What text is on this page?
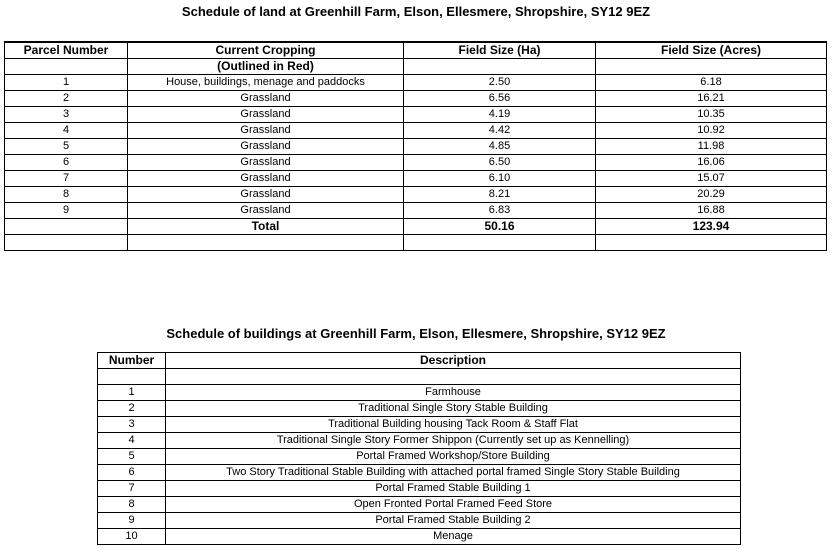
Schedule of land at Greenhill Farm, Elson, Ellesmere, Shropshire, SY12 9EZ
Parcel Number	Current Cropping	Field Size (Ha)	Field Size (Acres)
	(Outlined in Red)		
1	House, buildings, menage and paddocks	2.50	6.18
2	Grassland	6.56	16.21
3	Grassland	4.19	10.35
4	Grassland	4.42	10.92
5	Grassland	4.85	11.98
6	Grassland	6.50	16.06
7	Grassland	6.10	15.07
8	Grassland	8.21	20.29
9	Grassland	6.83	16.88
	Total	50.16	123.94

Schedule of buildings at Greenhill Farm, Elson, Ellesmere, Shropshire, SY12 9EZ
Number	Description

1	Farmhouse
2	Traditional Single Story Stable Building
3	Traditional Building housing Tack Room & Staff Flat
4	Traditional Single Story Former Shippon (Currently set up as Kennelling)
5	Portal Framed Workshop/Store Building
6	Two Story Traditional Stable Building with attached portal framed Single Story Stable Building
7	Portal Framed Stable Building 1
8	Open Fronted Portal Framed Feed Store
9	Portal Framed Stable Building 2
10	Menage
